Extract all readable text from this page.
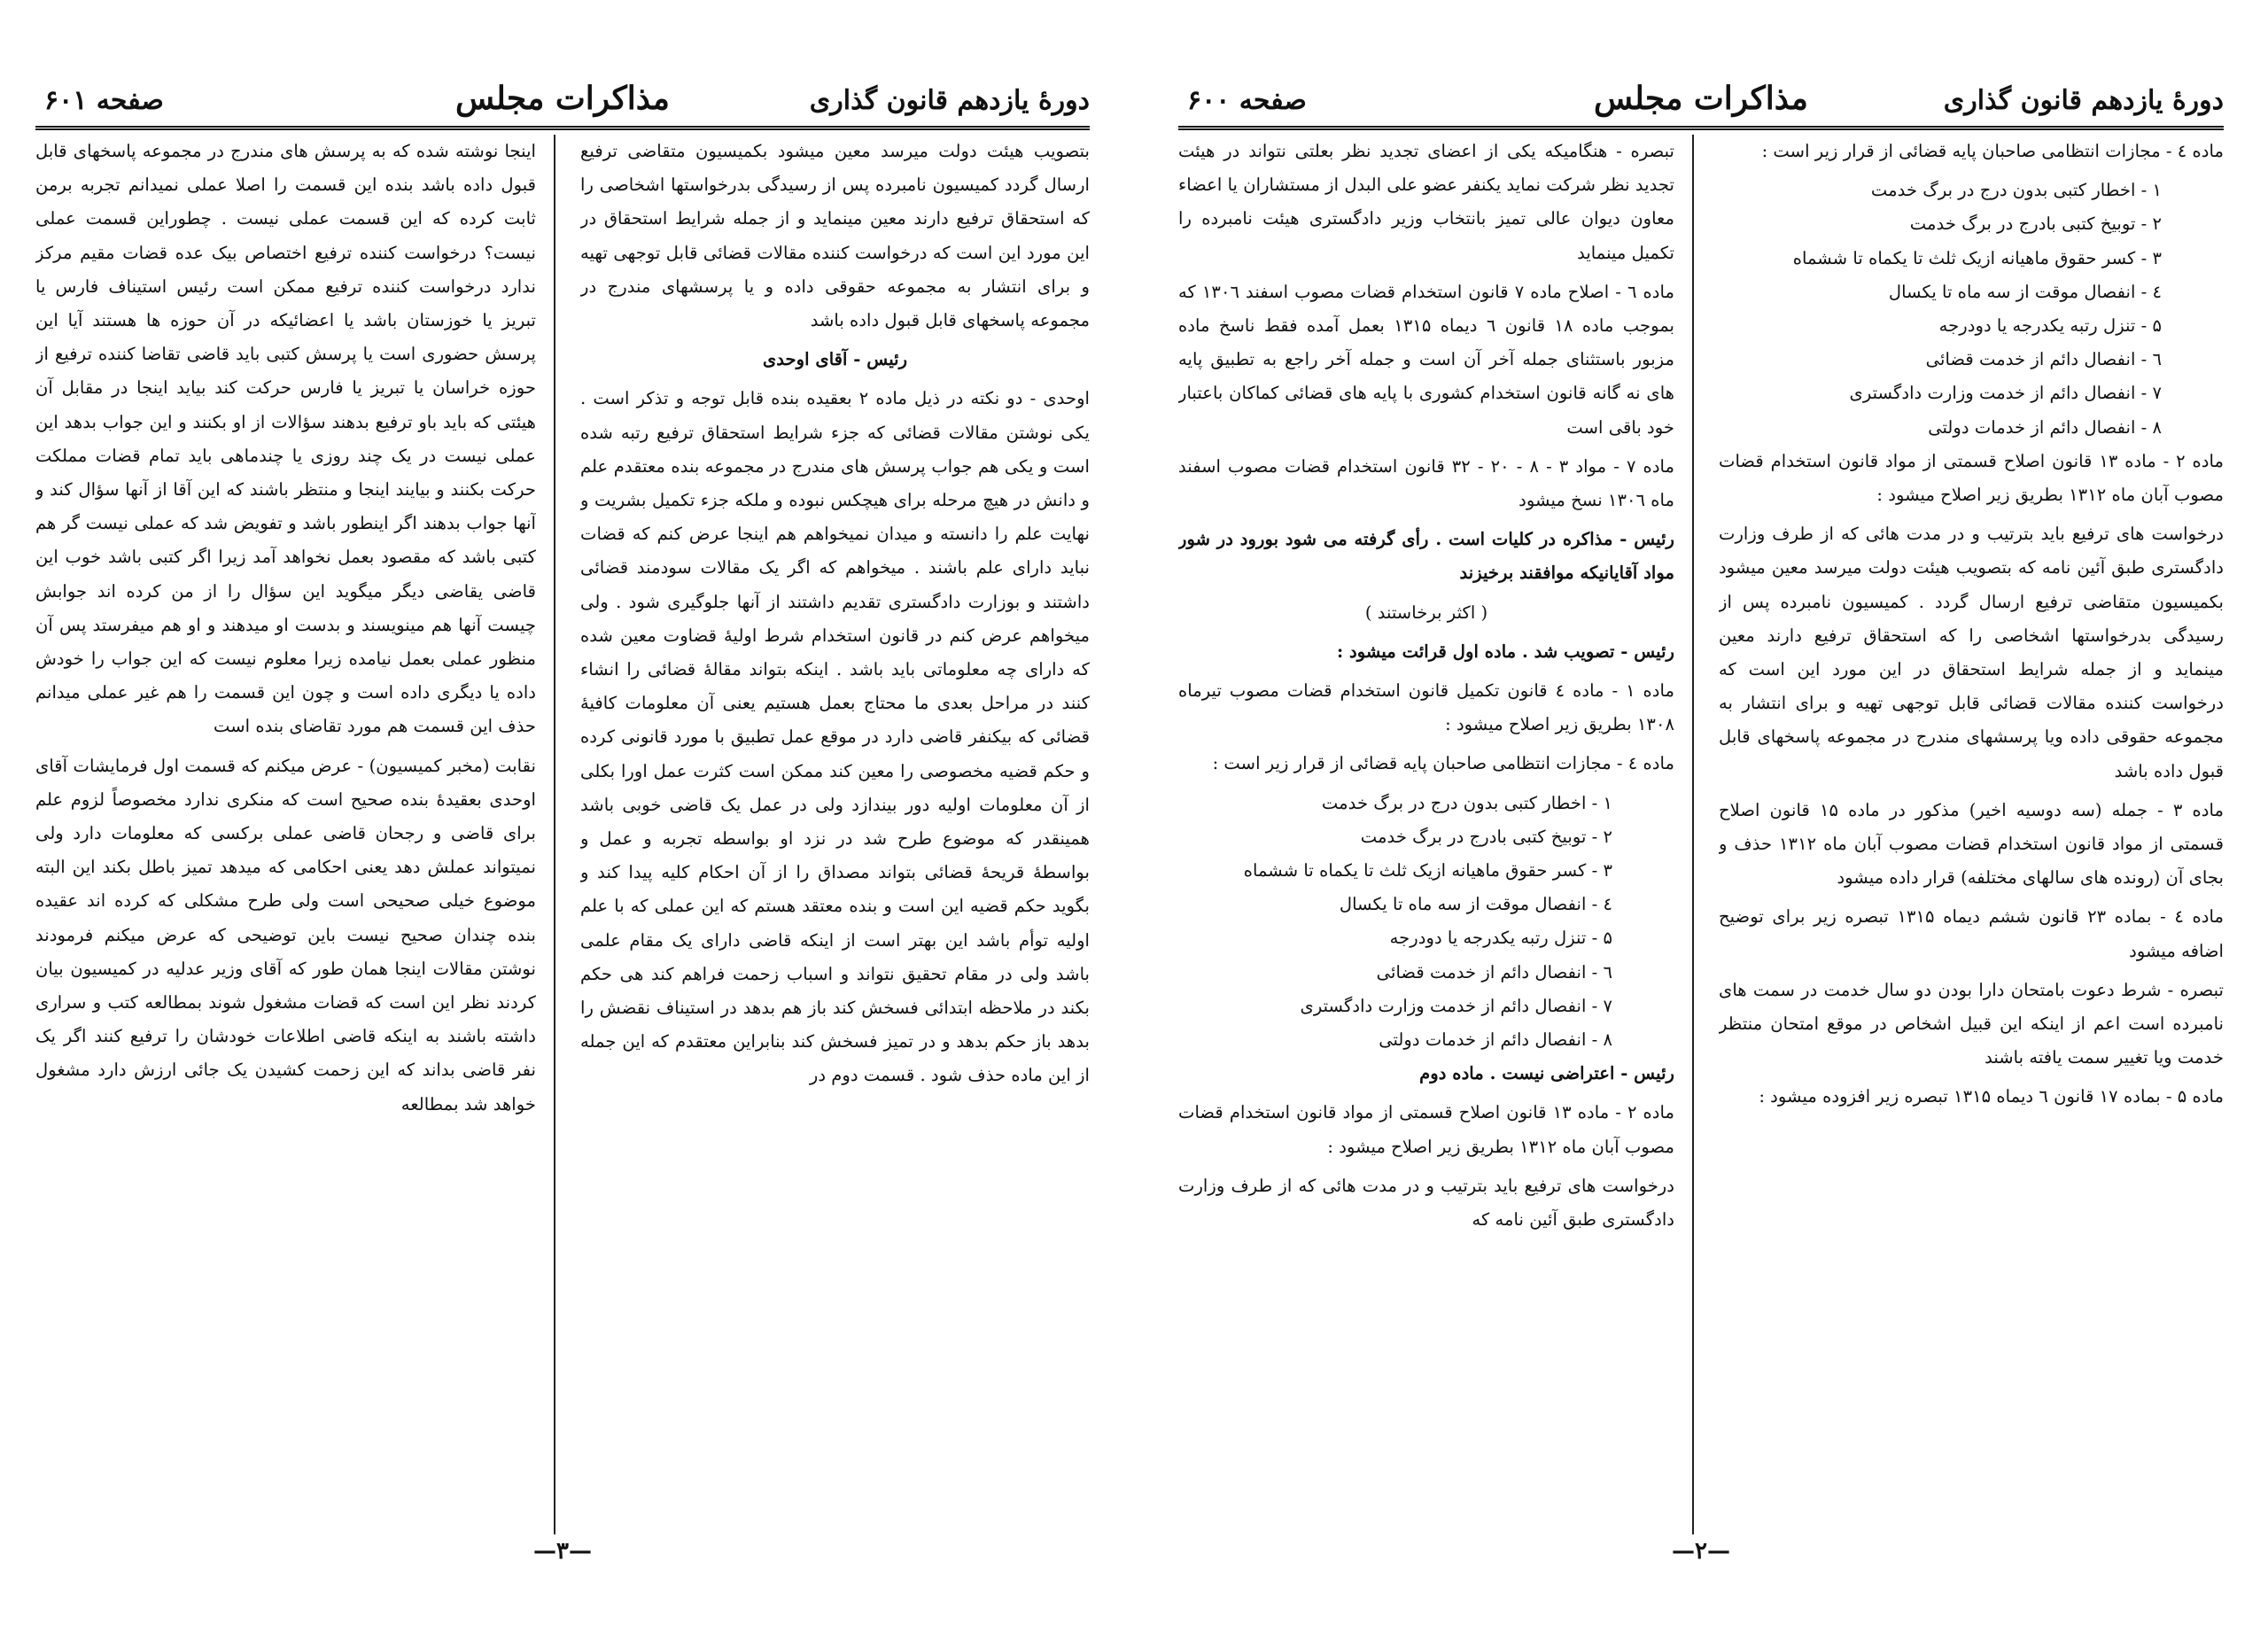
دورهٔ یازدهم قانون گذاری
مذاکرات مجلس
صفحه ۶۰۱

بتصویب هیئت دولت میرسد معین میشود بکمیسیون متقاضی ترفیع ارسال گردد کمیسیون نامبرده پس از رسیدگی بدرخواستها اشخاصی را که استحقاق ترفیع دارند معین مینماید و از جمله شرایط استحقاق در این مورد این است که درخواست کننده مقالات قضائی قابل توجهی تهیه و برای انتشار به مجموعه حقوقی داده و یا پرسشهای مندرج در مجموعه پاسخهای قابل قبول داده باشد

رئیس - آقای اوحدی

اوحدی - دو نکته در ذیل ماده ۲ بعقیده بنده قابل توجه و تذکر است . یکی نوشتن مقالات قضائی که جزء شرایط استحقاق ترفیع رتبه شده است و یکی هم جواب پرسش های مندرج در مجموعه بنده معتقدم علم و دانش در هیچ مرحله برای هیچکس نبوده و ملکه جزء تکمیل بشریت و نهایت علم را دانسته و میدان نمیخواهم هم اینجا عرض کنم که قضات نباید دارای علم باشند . میخواهم که اگر یک مقالات سودمند قضائی داشتند و بوزارت دادگستری تقدیم داشتند از آنها جلوگیری شود . ولی میخواهم عرض کنم در قانون استخدام شرط اولیهٔ قضاوت معین شده که دارای چه معلوماتی باید باشد . اینکه بتواند مقالهٔ قضائی را انشاء کنند در مراحل بعدی ما محتاج بعمل هستیم یعنی آن معلومات کافیهٔ قضائی که بیکنفر قاضی دارد در موقع عمل تطبیق با مورد قانونی کرده و حکم قضیه مخصوصی را معین کند ممکن است کثرت عمل اورا بکلی از آن معلومات اولیه دور بیندازد ولی در عمل یک قاضی خوبی باشد همینقدر که موضوع طرح شد در نزد او بواسطه تجربه و عمل و بواسطهٔ قریحهٔ قضائی بتواند مصداق را از آن احکام کلیه پیدا کند و بگوید حکم قضیه این است و بنده معتقد هستم که این عملی که با علم اولیه توأم باشد این بهتر است از اینکه قاضی دارای یک مقام علمی باشد ولی در مقام تحقیق نتواند و اسباب زحمت فراهم کند هی حکم بکند در ملاحظه ابتدائی فسخش کند باز هم بدهد در استیناف نقضش را بدهد باز حکم بدهد و در تمیز فسخش کند بنابراین معتقدم که این جمله از این ماده حذف شود . قسمت دوم در

اینجا نوشته شده که به پرسش های مندرج در مجموعه پاسخهای قابل قبول داده باشد بنده این قسمت را اصلا عملی نمیدانم تجربه برمن ثابت کرده که این قسمت عملی نیست . چطوراین قسمت عملی نیست؟ درخواست کننده ترفیع اختصاص بیک عده قضات مقیم مرکز ندارد درخواست کننده ترفیع ممکن است رئیس استیناف فارس یا تبریز یا خوزستان باشد یا اعضائیکه در آن حوزه ها هستند آیا این پرسش حضوری است یا پرسش کتبی باید قاضی تقاضا کننده ترفیع از حوزه خراسان یا تبریز یا فارس حرکت کند بیاید اینجا در مقابل آن هیئتی که باید باو ترفیع بدهند سؤالات از او بکنند و این جواب بدهد این عملی نیست در یک چند روزی یا چندماهی باید تمام قضات مملکت حرکت بکنند و بیایند اینجا و منتظر باشند که این آقا از آنها سؤال کند و آنها جواب بدهند اگر اینطور باشد و تفویض شد که عملی نیست گر هم کتبی باشد که مقصود بعمل نخواهد آمد زیرا اگر کتبی باشد خوب این قاضی یقاضی دیگر میگوید این سؤال را از من کرده اند جوابش چیست آنها هم مینویسند و بدست او میدهند و او هم میفرستد پس آن منظور عملی بعمل نیامده زیرا معلوم نیست که این جواب را خودش داده یا دیگری داده است و چون این قسمت را هم غیر عملی میدانم حذف این قسمت هم مورد تقاضای بنده است

نقابت (مخبر کمیسیون) - عرض میکنم که قسمت اول فرمایشات آقای اوحدی بعقیدهٔ بنده صحیح است که منکری ندارد مخصوصاً لزوم علم برای قاضی و رجحان قاضی عملی برکسی که معلومات دارد ولی نمیتواند عملش دهد یعنی احکامی که میدهد تمیز باطل بکند این البته موضوع خیلی صحیحی است ولی طرح مشکلی که کرده اند عقیده بنده چندان صحیح نیست باین توضیحی که عرض میکنم فرمودند نوشتن مقالات اینجا همان طور که آقای وزیر عدلیه در کمیسیون بیان کردند نظر این است که قضات مشغول شوند بمطالعه کتب و سراری داشته باشند به اینکه قاضی اطلاعات خودشان را ترفیع کنند اگر یک نفر قاضی بداند که این زحمت کشیدن یک جائی ارزش دارد مشغول خواهد شد بمطالعه

—۳—
دورهٔ یازدهم قانون گذاری
مذاکرات مجلس
صفحه ۶۰۰

ماده ٤ - مجازات انتظامی صاحبان پایه قضائی از قرار زیر است :

۱ - اخطار کتبی بدون درج در برگ خدمت
۲ - توبیخ کتبی بادرج در برگ خدمت
۳ - کسر حقوق ماهیانه ازیک ثلث تا یکماه تا ششماه
٤ - انفصال موقت از سه ماه تا یکسال
۵ - تنزل رتبه یکدرجه یا دودرجه
٦ - انفصال دائم از خدمت قضائی
۷ - انفصال دائم از خدمت وزارت دادگستری
۸ - انفصال دائم از خدمات دولتی

ماده ۲ - ماده ۱۳ قانون اصلاح قسمتی از مواد قانون استخدام قضات مصوب آبان ماه ۱۳۱۲ بطریق زیر اصلاح میشود :

درخواست های ترفیع باید بترتیب و در مدت هائی که از طرف وزارت دادگستری طبق آئین نامه که بتصویب هیئت دولت میرسد معین میشود بکمیسیون متقاضی ترفیع ارسال گردد . کمیسیون نامبرده پس از رسیدگی بدرخواستها اشخاصی را که استحقاق ترفیع دارند معین مینماید و از جمله شرایط استحقاق در این مورد این است که درخواست کننده مقالات قضائی قابل توجهی تهیه و برای انتشار به مجموعه حقوقی داده ویا پرسشهای مندرج در مجموعه پاسخهای قابل قبول داده باشد

ماده ۳ - جمله (سه دوسیه اخیر) مذکور در ماده ۱۵ قانون اصلاح قسمتی از مواد قانون استخدام قضات مصوب آبان ماه ۱۳۱۲ حذف و بجای آن (رونده های سالهای مختلفه) قرار داده میشود

ماده ٤ - بماده ۲۳ قانون ششم دیماه ۱۳۱۵ تبصره زیر برای توضیح اضافه میشود

تبصره - شرط دعوت بامتحان دارا بودن دو سال خدمت در سمت های نامبرده است اعم از اینکه این قبیل اشخاص در موقع امتحان منتظر خدمت ویا تغییر سمت یافته باشند

ماده ۵ - بماده ۱۷ قانون ٦ دیماه ۱۳۱۵ تبصره زیر افزوده میشود :

تبصره - هنگامیکه یکی از اعضای تجدید نظر بعلتی نتواند در هیئت تجدید نظر شرکت نماید یکنفر عضو علی البدل از مستشاران یا اعضاء معاون دیوان عالی تمیز بانتخاب وزیر دادگستری هیئت نامبرده را تکمیل مینماید

ماده ٦ - اصلاح ماده ۷ قانون استخدام قضات مصوب اسفند ۱۳۰٦ که بموجب ماده ۱۸ قانون ٦ دیماه ۱۳۱۵ بعمل آمده فقط ناسخ ماده مزبور باستثنای جمله آخر آن است و جمله آخر راجع به تطبیق پایه های نه گانه قانون استخدام کشوری با پایه های قضائی کماکان باعتبار خود باقی است

ماده ۷ - مواد ۳ - ۸ - ۲۰ - ۳۲ قانون استخدام قضات مصوب اسفند ماه ۱۳۰٦ نسخ میشود

رئیس - مذاکره در کلیات است . رأی گرفته می شود بورود در شور مواد آقایانیکه موافقند برخیزند

( اکثر برخاستند )

رئیس - تصویب شد . ماده اول قرائت میشود :

ماده ۱ - ماده ٤ قانون تکمیل قانون استخدام قضات مصوب تیرماه ۱۳۰۸ بطریق زیر اصلاح میشود :

ماده ٤ - مجازات انتظامی صاحبان پایه قضائی از قرار زیر است :

۱ - اخطار کتبی بدون درج در برگ خدمت
۲ - توبیخ کتبی بادرج در برگ خدمت
۳ - کسر حقوق ماهیانه ازیک ثلث تا یکماه تا ششماه
٤ - انفصال موقت از سه ماه تا یکسال
۵ - تنزل رتبه یکدرجه یا دودرجه
٦ - انفصال دائم از خدمت قضائی
۷ - انفصال دائم از خدمت وزارت دادگستری
۸ - انفصال دائم از خدمات دولتی

رئیس - اعتراضی نیست . ماده دوم

ماده ۲ - ماده ۱۳ قانون اصلاح قسمتی از مواد قانون استخدام قضات مصوب آبان ماه ۱۳۱۲ بطریق زیر اصلاح میشود :

درخواست های ترفیع باید بترتیب و در مدت هائی که از طرف وزارت دادگستری طبق آئین نامه که

—۲—
